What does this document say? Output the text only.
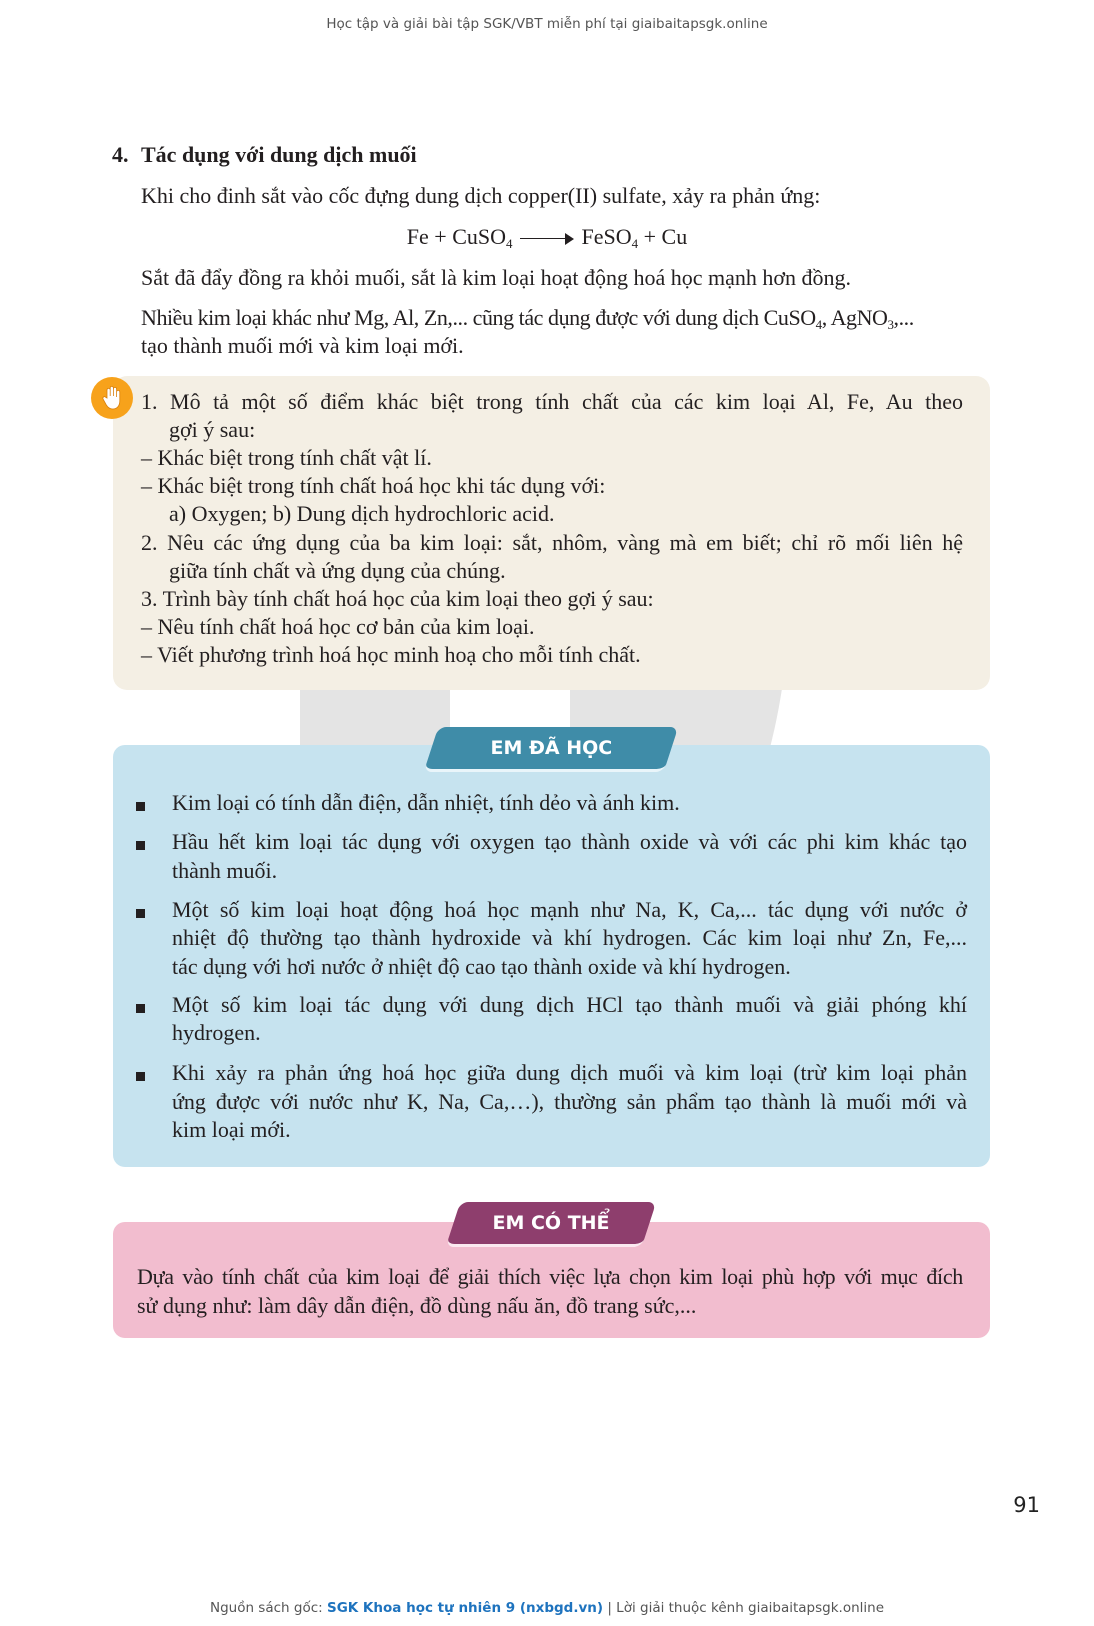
Học tập và giải bài tập SGK/VBT miễn phí tại giaibaitapsgk.online
4. Tác dụng với dung dịch muối
Khi cho đinh sắt vào cốc đựng dung dịch copper(II) sulfate, xảy ra phản ứng:
Fe + CuSO$_4$	FeSO$_4$ + Cu
Sắt đã đẩy đồng ra khỏi muối, sắt là kim loại hoạt động hoá học mạnh hơn đồng.
Nhiều kim loại khác như Mg, Al, Zn,... cũng tác dụng được với dung dịch CuSO$_4$, AgNO$_3$,...
tạo thành muối mới và kim loại mới.
1. Mô tả một số điểm khác biệt trong tính chất của các kim loại Al, Fe, Au theo
gợi ý sau:
– Khác biệt trong tính chất vật lí.
– Khác biệt trong tính chất hoá học khi tác dụng với:
a) Oxygen; b) Dung dịch hydrochloric acid.
2. Nêu các ứng dụng của ba kim loại: sắt, nhôm, vàng mà em biết; chỉ rõ mối liên hệ
giữa tính chất và ứng dụng của chúng.
3. Trình bày tính chất hoá học của kim loại theo gợi ý sau:
– Nêu tính chất hoá học cơ bản của kim loại.
– Viết phương trình hoá học minh hoạ cho mỗi tính chất.
EM ĐÃ HỌC
Kim loại có tính dẫn điện, dẫn nhiệt, tính dẻo và ánh kim.
Hầu hết kim loại tác dụng với oxygen tạo thành oxide và với các phi kim khác tạo
thành muối.
Một số kim loại hoạt động hoá học mạnh như Na, K, Ca,... tác dụng với nước ở
nhiệt độ thường tạo thành hydroxide và khí hydrogen. Các kim loại như Zn, Fe,...
tác dụng với hơi nước ở nhiệt độ cao tạo thành oxide và khí hydrogen.
Một số kim loại tác dụng với dung dịch HCl tạo thành muối và giải phóng khí
hydrogen.
Khi xảy ra phản ứng hoá học giữa dung dịch muối và kim loại (trừ kim loại phản
ứng được với nước như K, Na, Ca,…), thường sản phẩm tạo thành là muối mới và
kim loại mới.
EM CÓ THỂ
Dựa vào tính chất của kim loại để giải thích việc lựa chọn kim loại phù hợp với mục đích
sử dụng như: làm dây dẫn điện, đồ dùng nấu ăn, đồ trang sức,...
91
Nguồn sách gốc: SGK Khoa học tự nhiên 9 (nxbgd.vn) | Lời giải thuộc kênh giaibaitapsgk.online
